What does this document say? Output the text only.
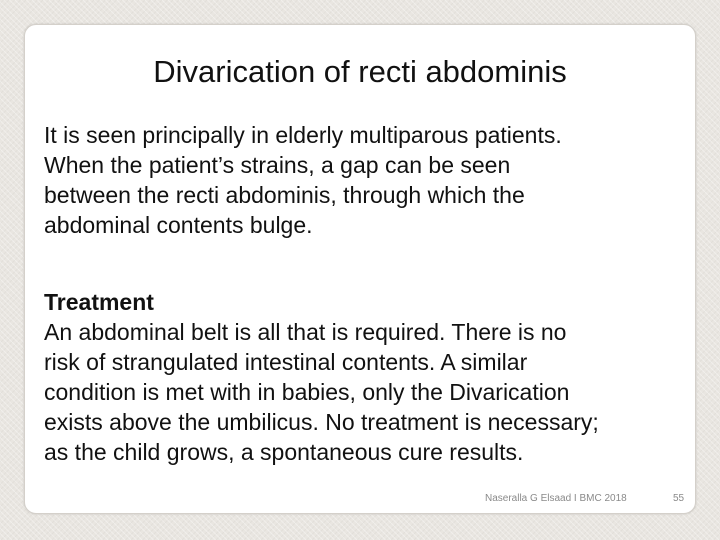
Divarication of recti abdominis
It is seen principally in elderly multiparous patients.
When the patient’s strains, a gap can be seen
between the recti abdominis, through which the
abdominal contents bulge.
Treatment
An abdominal belt is all that is required. There is no
risk of strangulated intestinal contents. A similar
condition is met with in babies, only the Divarication
exists above the umbilicus. No treatment is necessary;
as the child grows, a spontaneous cure results.
Naseralla G Elsaad I BMC 2018	55
